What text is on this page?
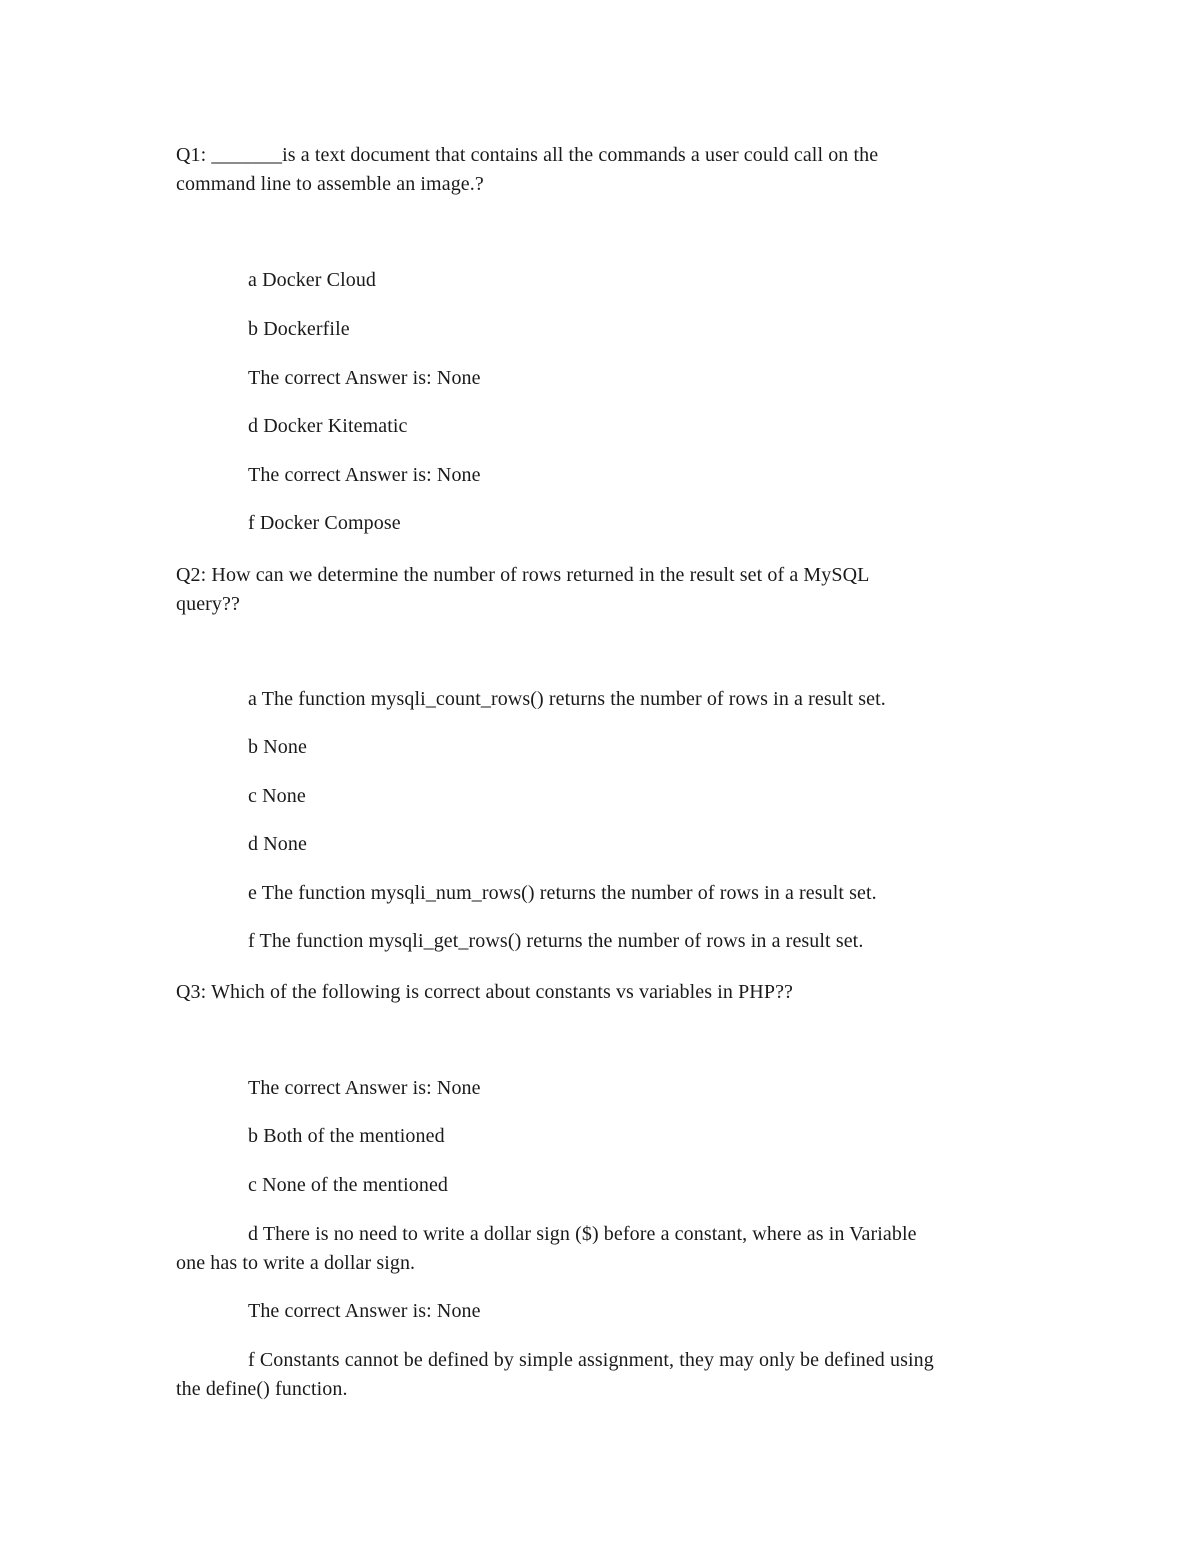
Q1: _______is a text document that contains all the commands a user could call on the
command line to assemble an image.?
a Docker Cloud
b Dockerfile
The correct Answer is: None
d Docker Kitematic
The correct Answer is: None
f Docker Compose
Q2: How can we determine the number of rows returned in the result set of a MySQL
query??
a The function mysqli_count_rows() returns the number of rows in a result set.
b None
c None
d None
e The function mysqli_num_rows() returns the number of rows in a result set.
f The function mysqli_get_rows() returns the number of rows in a result set.
Q3: Which of the following is correct about constants vs variables in PHP??
The correct Answer is: None
b Both of the mentioned
c None of the mentioned
d There is no need to write a dollar sign ($) before a constant, where as in Variable
one has to write a dollar sign.
The correct Answer is: None
f Constants cannot be defined by simple assignment, they may only be defined using
the define() function.
